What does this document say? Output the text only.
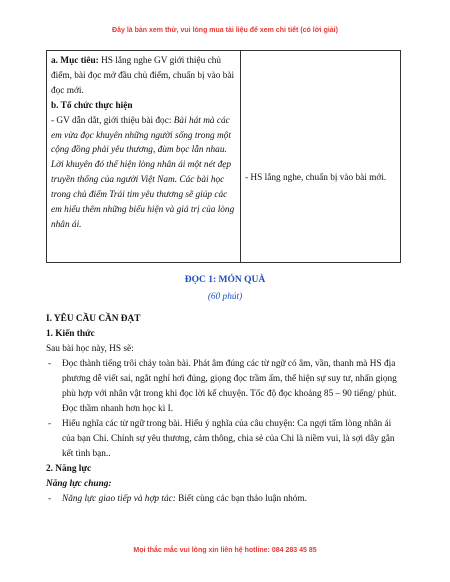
Đây là bản xem thử, vui lòng mua tài liệu để xem chi tiết (có lời giải)

a. Mục tiêu: HS lắng nghe GV giới thiệu chủ điểm, bài đọc mở đầu chủ điểm, chuẩn bị vào bài đọc mới.

b. Tổ chức thực hiện

- GV dẫn dắt, giới thiệu bài đọc: Bài hát mà các em vừa đọc khuyên những người sống trong một cộng đồng phải yêu thương, đùm bọc lẫn nhau. Lời khuyên đó thể hiện lòng nhân ái một nét đẹp truyền thống của người Việt Nam. Các bài học trong chủ điểm Trái tim yêu thương sẽ giúp các em hiểu thêm những biểu hiện và giá trị của lòng nhân ái.

- HS lắng nghe, chuẩn bị vào bài mới.
ĐỌC 1: MÓN QUÀ
(60 phút)

I. YÊU CẦU CẦN ĐẠT

1. Kiến thức

Sau bài học này, HS sẽ:

- Đọc thành tiếng trôi chảy toàn bài. Phát âm đúng các từ ngữ có âm, vần, thanh mà HS địa phương dễ viết sai, ngắt nghỉ hơi đúng, giọng đọc trầm ấm, thể hiện sự suy tư, nhấn giọng phù hợp với nhân vật trong khi đọc lời kể chuyện. Tốc độ đọc khoảng 85 – 90 tiếng/ phút. Đọc thầm nhanh hơn học kì I.

- Hiểu nghĩa các từ ngữ trong bài. Hiểu ý nghĩa của câu chuyện: Ca ngợi tấm lòng nhân ái của bạn Chi. Chính sự yêu thương, cảm thông, chia sẻ của Chi là niềm vui, là sợi dây gắn kết tình bạn..

2. Năng lực

Năng lực chung:

- Năng lực giao tiếp và hợp tác: Biết cùng các bạn thảo luận nhóm.

Mọi thắc mắc vui lòng xin liên hệ hotline: 084 283 45 85
